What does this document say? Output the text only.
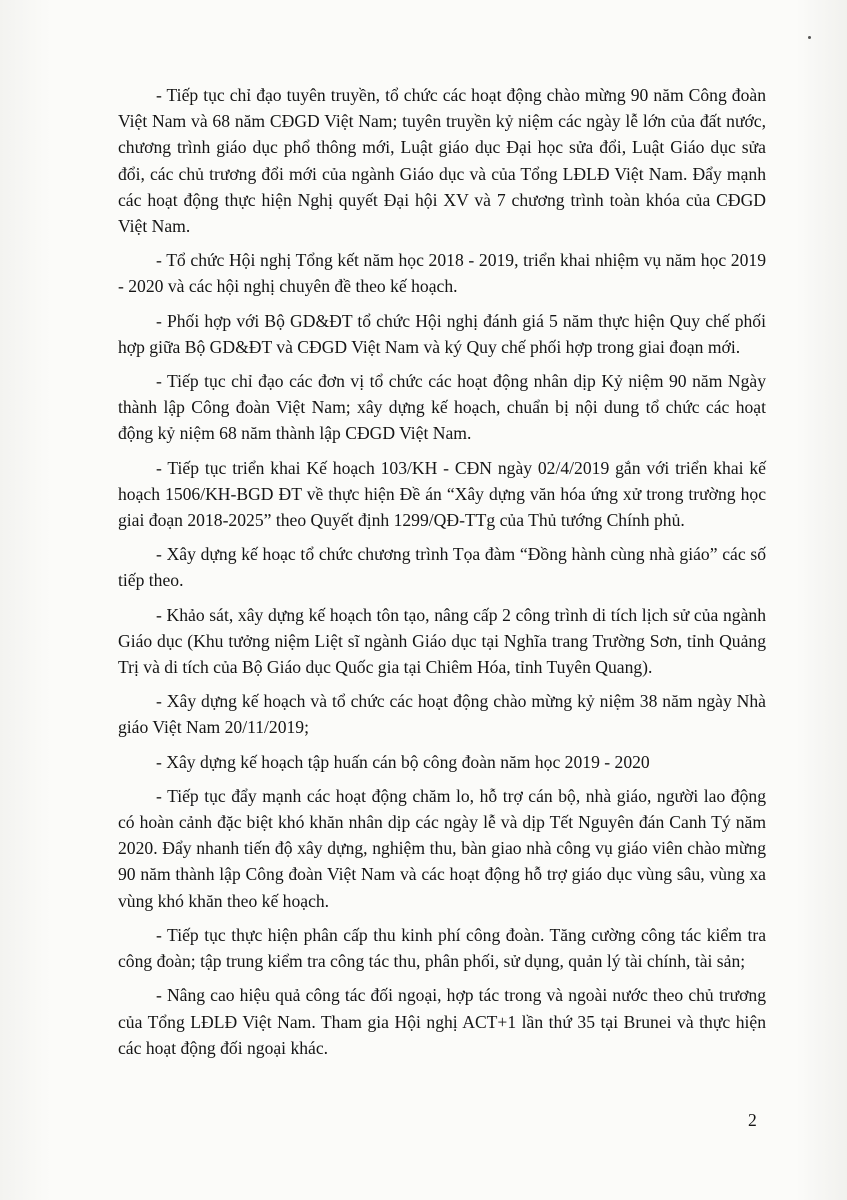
- Tiếp tục chỉ đạo tuyên truyền, tổ chức các hoạt động chào mừng 90 năm Công đoàn Việt Nam và 68 năm CĐGD Việt Nam; tuyên truyền kỷ niệm các ngày lễ lớn của đất nước, chương trình giáo dục phổ thông mới, Luật giáo dục Đại học sửa đổi, Luật Giáo dục sửa đổi, các chủ trương đổi mới của ngành Giáo dục và của Tổng LĐLĐ Việt Nam. Đẩy mạnh các hoạt động thực hiện Nghị quyết Đại hội XV và 7 chương trình toàn khóa của CĐGD Việt Nam.

- Tổ chức Hội nghị Tổng kết năm học 2018 - 2019, triển khai nhiệm vụ năm học 2019 - 2020 và các hội nghị chuyên đề theo kế hoạch.

- Phối hợp với Bộ GD&ĐT tổ chức Hội nghị đánh giá 5 năm thực hiện Quy chế phối hợp giữa Bộ GD&ĐT và CĐGD Việt Nam và ký Quy chế phối hợp trong giai đoạn mới.

- Tiếp tục chỉ đạo các đơn vị tổ chức các hoạt động nhân dịp Kỷ niệm 90 năm Ngày thành lập Công đoàn Việt Nam; xây dựng kế hoạch, chuẩn bị nội dung tổ chức các hoạt động kỷ niệm 68 năm thành lập CĐGD Việt Nam.

- Tiếp tục triển khai Kế hoạch 103/KH - CĐN ngày 02/4/2019 gắn với triển khai kế hoạch 1506/KH-BGD ĐT về thực hiện Đề án “Xây dựng văn hóa ứng xử trong trường học giai đoạn 2018-2025” theo Quyết định 1299/QĐ-TTg của Thủ tướng Chính phủ.

- Xây dựng kế hoạc tổ chức chương trình Tọa đàm “Đồng hành cùng nhà giáo” các số tiếp theo.

- Khảo sát, xây dựng kế hoạch tôn tạo, nâng cấp 2 công trình di tích lịch sử của ngành Giáo dục (Khu tưởng niệm Liệt sĩ ngành Giáo dục tại Nghĩa trang Trường Sơn, tỉnh Quảng Trị và di tích của Bộ Giáo dục Quốc gia tại Chiêm Hóa, tỉnh Tuyên Quang).

- Xây dựng kế hoạch và tổ chức các hoạt động chào mừng kỷ niệm 38 năm ngày Nhà giáo Việt Nam 20/11/2019;

- Xây dựng kế hoạch tập huấn cán bộ công đoàn năm học 2019 - 2020

- Tiếp tục đẩy mạnh các hoạt động chăm lo, hỗ trợ cán bộ, nhà giáo, người lao động có hoàn cảnh đặc biệt khó khăn nhân dịp các ngày lễ và dịp Tết Nguyên đán Canh Tý năm 2020. Đẩy nhanh tiến độ xây dựng, nghiệm thu, bàn giao nhà công vụ giáo viên chào mừng 90 năm thành lập Công đoàn Việt Nam và các hoạt động hỗ trợ giáo dục vùng sâu, vùng xa vùng khó khăn theo kế hoạch.

- Tiếp tục thực hiện phân cấp thu kinh phí công đoàn. Tăng cường công tác kiểm tra công đoàn; tập trung kiểm tra công tác thu, phân phối, sử dụng, quản lý tài chính, tài sản;

- Nâng cao hiệu quả công tác đối ngoại, hợp tác trong và ngoài nước theo chủ trương của Tổng LĐLĐ Việt Nam. Tham gia Hội nghị ACT+1 lần thứ 35 tại Brunei và thực hiện các hoạt động đối ngoại khác.

2
